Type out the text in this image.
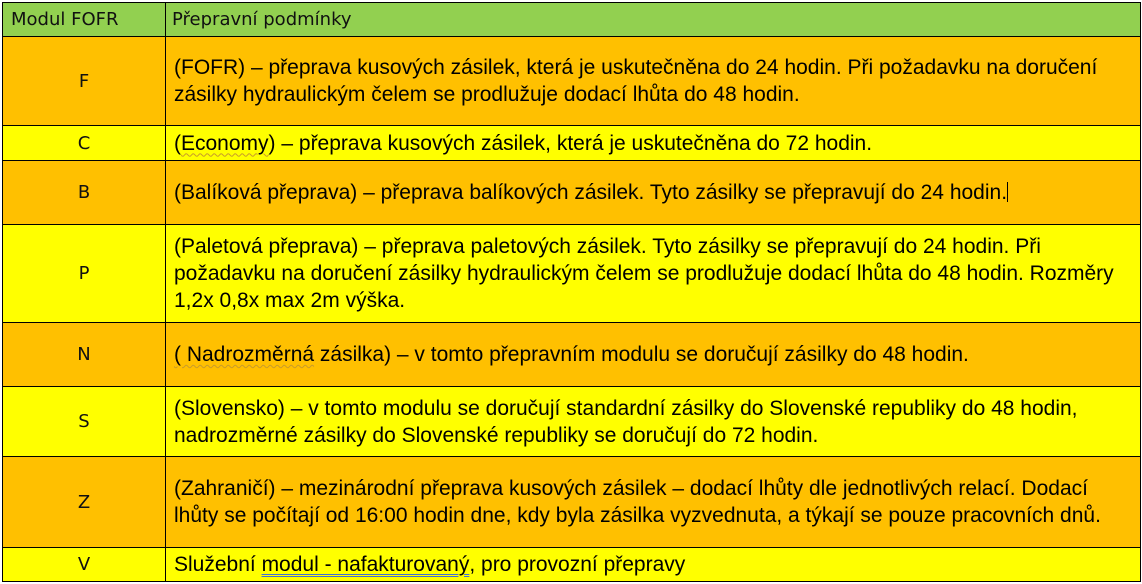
Modul FOFR	Přepravní podmínky
F	(FOFR) – přeprava kusových zásilek, která je uskutečněna do 24 hodin. Při požadavku na doručení zásilky hydraulickým čelem se prodlužuje dodací lhůta do 48 hodin.
C	(Economy) – přeprava kusových zásilek, která je uskutečněna do 72 hodin.
B	(Balíková přeprava) – přeprava balíkových zásilek. Tyto zásilky se přepravují do 24 hodin.
P	(Paletová přeprava) – přeprava paletových zásilek. Tyto zásilky se přepravují do 24 hodin. Při požadavku na doručení zásilky hydraulickým čelem se prodlužuje dodací lhůta do 48 hodin. Rozměry 1,2x 0,8x max 2m výška.
N	( Nadrozměrná zásilka) – v tomto přepravním modulu se doručují zásilky do 48 hodin.
S	(Slovensko) – v tomto modulu se doručují standardní zásilky do Slovenské republiky do 48 hodin, nadrozměrné zásilky do Slovenské republiky se doručují do 72 hodin.
Z	(Zahraničí) – mezinárodní přeprava kusových zásilek – dodací lhůty dle jednotlivých relací. Dodací lhůty se počítají od 16:00 hodin dne, kdy byla zásilka vyzvednuta, a týkají se pouze pracovních dnů.
V	Služební modul - nafakturovaný, pro provozní přepravy
